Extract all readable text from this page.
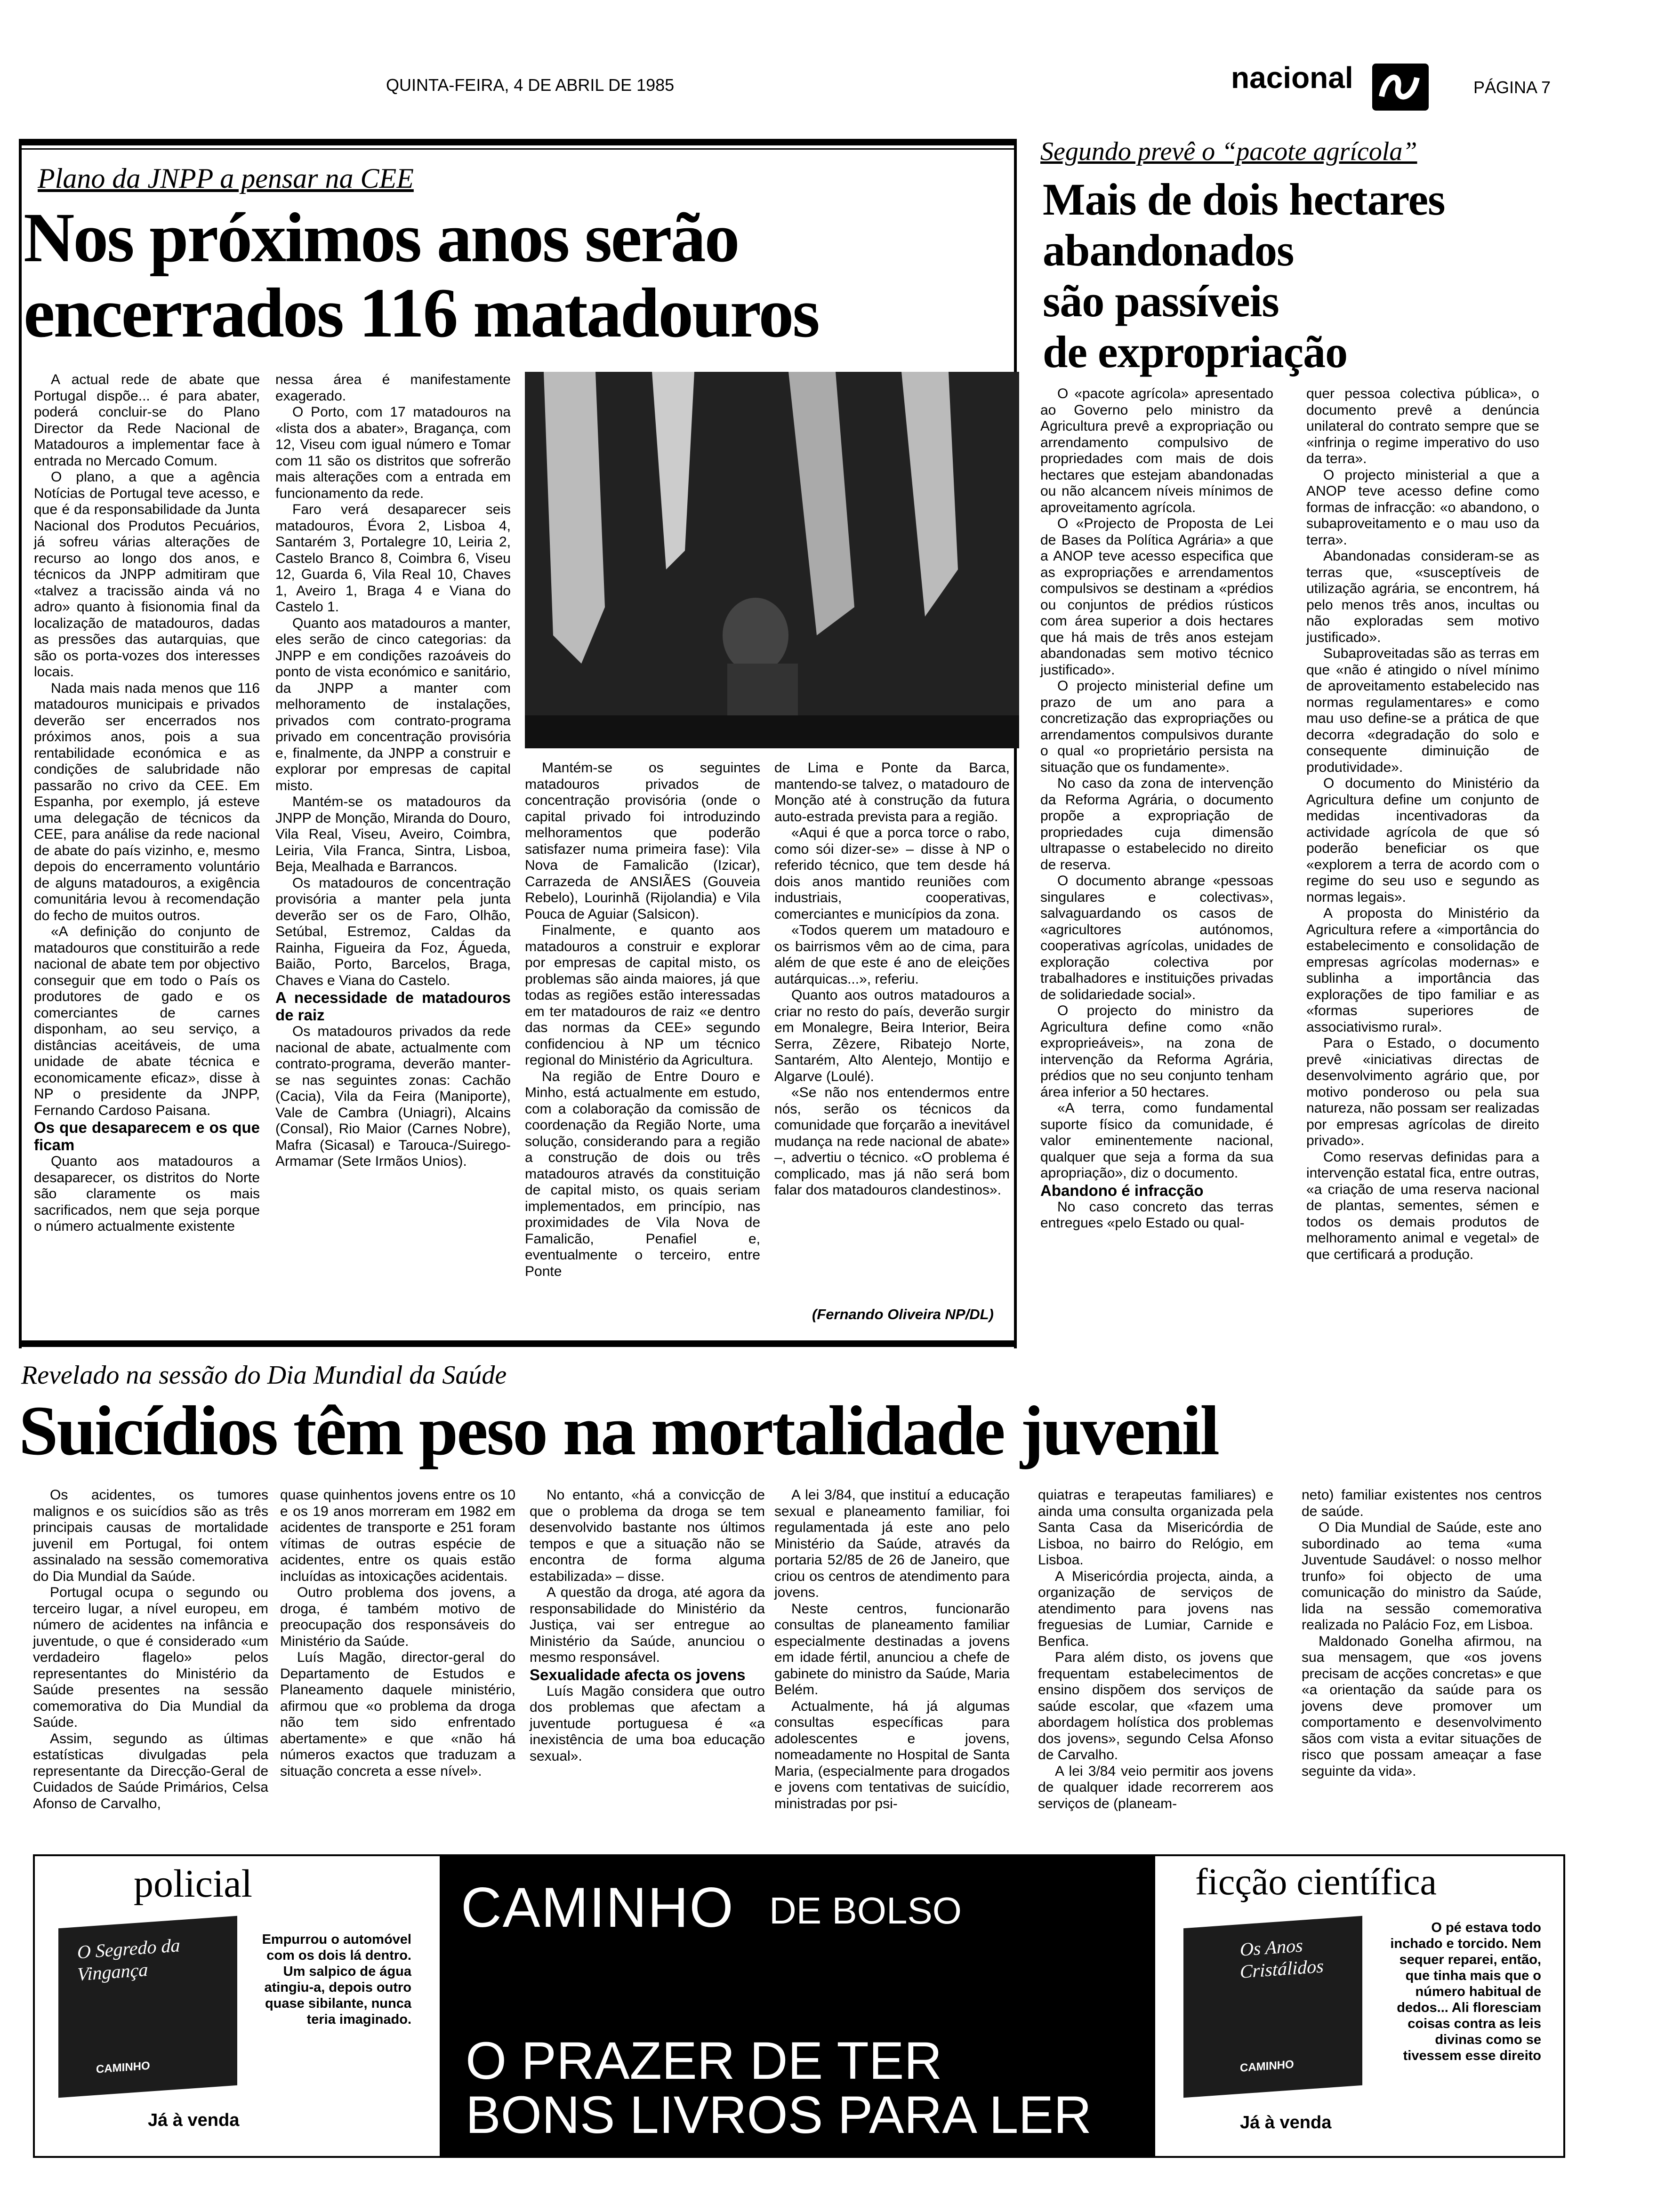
QUINTA-FEIRA, 4 DE ABRIL DE 1985	nacional	PÁGINA 7
Plano da JNPP a pensar na CEE
Nos próximos anos serão
encerrados 116 matadouros

A actual rede de abate que Portugal dispõe... é para abater, poderá concluir-se do Plano Director da Rede Nacional de Matadouros a implementar face à entrada no Mercado Comum.

O plano, a que a agência Notícias de Portugal teve acesso, e que é da responsabilidade da Junta Nacional dos Produtos Pecuários, já sofreu várias alterações de recurso ao longo dos anos, e técnicos da JNPP admitiram que «talvez a tracissão ainda vá no adro» quanto à fisionomia final da localização de matadouros, dadas as pressões das autarquias, que são os porta-vozes dos interesses locais.

Nada mais nada menos que 116 matadouros municipais e privados deverão ser encerrados nos próximos anos, pois a sua rentabilidade económica e as condições de salubridade não passarão no crivo da CEE. Em Espanha, por exemplo, já esteve uma delegação de técnicos da CEE, para análise da rede nacional de abate do país vizinho, e, mesmo depois do encerramento voluntário de alguns matadouros, a exigência comunitária levou à recomendação do fecho de muitos outros.

«A definição do conjunto de matadouros que constituirão a rede nacional de abate tem por objectivo conseguir que em todo o País os produtores de gado e os comerciantes de carnes disponham, ao seu serviço, a distâncias aceitáveis, de uma unidade de abate técnica e economicamente eficaz», disse à NP o presidente da JNPP, Fernando Cardoso Paisana.

Os que desaparecem e os que ficam

Quanto aos matadouros a desaparecer, os distritos do Norte são claramente os mais sacrificados, nem que seja porque o número actualmente existente

nessa área é manifestamente exagerado.

O Porto, com 17 matadouros na «lista dos a abater», Bragança, com 12, Viseu com igual número e Tomar com 11 são os distritos que sofrerão mais alterações com a entrada em funcionamento da rede.

Faro verá desaparecer seis matadouros, Évora 2, Lisboa 4, Santarém 3, Portalegre 10, Leiria 2, Castelo Branco 8, Coimbra 6, Viseu 12, Guarda 6, Vila Real 10, Chaves 1, Aveiro 1, Braga 4 e Viana do Castelo 1.

Quanto aos matadouros a manter, eles serão de cinco categorias: da JNPP e em condições razoáveis do ponto de vista económico e sanitário, da JNPP a manter com melhoramento de instalações, privados com contrato-programa privado em concentração provisória e, finalmente, da JNPP a construir e explorar por empresas de capital misto.

Mantém-se os matadouros da JNPP de Monção, Miranda do Douro, Vila Real, Viseu, Aveiro, Coimbra, Leiria, Vila Franca, Sintra, Lisboa, Beja, Mealhada e Barrancos.

Os matadouros de concentração provisória a manter pela junta deverão ser os de Faro, Olhão, Setúbal, Estremoz, Caldas da Rainha, Figueira da Foz, Águeda, Baião, Porto, Barcelos, Braga, Chaves e Viana do Castelo.

A necessidade de matadouros de raiz

Os matadouros privados da rede nacional de abate, actualmente com contrato-programa, deverão manter-se nas seguintes zonas: Cachão (Cacia), Vila da Feira (Maniporte), Vale de Cambra (Uniagri), Alcains (Consal), Rio Maior (Carnes Nobre), Mafra (Sicasal) e Tarouca-/Suirego-Armamar (Sete Irmãos Unios).

Mantém-se os seguintes matadouros privados de concentração provisória (onde o capital privado foi introduzindo melhoramentos que poderão satisfazer numa primeira fase): Vila Nova de Famalicão (Izicar), Carrazeda de ANSIÃES (Gouveia Rebelo), Lourinhã (Rijolandia) e Vila Pouca de Aguiar (Salsicon).

Finalmente, e quanto aos matadouros a construir e explorar por empresas de capital misto, os problemas são ainda maiores, já que todas as regiões estão interessadas em ter matadouros de raiz «e dentro das normas da CEE» segundo confidenciou à NP um técnico regional do Ministério da Agricultura.

Na região de Entre Douro e Minho, está actualmente em estudo, com a colaboração da comissão de coordenação da Região Norte, uma solução, considerando para a região a construção de dois ou três matadouros através da constituição de capital misto, os quais seriam implementados, em princípio, nas proximidades de Vila Nova de Famalicão, Penafiel e, eventualmente o terceiro, entre Ponte

de Lima e Ponte da Barca, mantendo-se talvez, o matadouro de Monção até à construção da futura auto-estrada prevista para a região.

«Aqui é que a porca torce o rabo, como sói dizer-se» – disse à NP o referido técnico, que tem desde há dois anos mantido reuniões com industriais, cooperativas, comerciantes e municípios da zona.

«Todos querem um matadouro e os bairrismos vêm ao de cima, para além de que este é ano de eleições autárquicas...», referiu.

Quanto aos outros matadouros a criar no resto do país, deverão surgir em Monalegre, Beira Interior, Beira Serra, Zêzere, Ribatejo Norte, Santarém, Alto Alentejo, Montijo e Algarve (Loulé).

«Se não nos entendermos entre nós, serão os técnicos da comunidade que forçarão a inevitável mudança na rede nacional de abate» –, advertiu o técnico. «O problema é complicado, mas já não será bom falar dos matadouros clandestinos».

(Fernando Oliveira NP/DL)
Segundo prevê o “pacote agrícola”
Mais de dois hectares
abandonados
são passíveis
de expropriação

O «pacote agrícola» apresentado ao Governo pelo ministro da Agricultura prevê a expropriação ou arrendamento compulsivo de propriedades com mais de dois hectares que estejam abandonadas ou não alcancem níveis mínimos de aproveitamento agrícola.

O «Projecto de Proposta de Lei de Bases da Política Agrária» a que a ANOP teve acesso especifica que as expropriações e arrendamentos compulsivos se destinam a «prédios ou conjuntos de prédios rústicos com área superior a dois hectares que há mais de três anos estejam abandonadas sem motivo técnico justificado».

O projecto ministerial define um prazo de um ano para a concretização das expropriações ou arrendamentos compulsivos durante o qual «o proprietário persista na situação que os fundamente».

No caso da zona de intervenção da Reforma Agrária, o documento propõe a expropriação de propriedades cuja dimensão ultrapasse o estabelecido no direito de reserva.

O documento abrange «pessoas singulares e colectivas», salvaguardando os casos de «agricultores autónomos, cooperativas agrícolas, unidades de exploração colectiva por trabalhadores e instituições privadas de solidariedade social».

O projecto do ministro da Agricultura define como «não exproprieáveis», na zona de intervenção da Reforma Agrária, prédios que no seu conjunto tenham área inferior a 50 hectares.

«A terra, como fundamental suporte físico da comunidade, é valor eminentemente nacional, qualquer que seja a forma da sua apropriação», diz o documento.

Abandono é infracção

No caso concreto das terras entregues «pelo Estado ou qual-

quer pessoa colectiva pública», o documento prevê a denúncia unilateral do contrato sempre que se «infrinja o regime imperativo do uso da terra».

O projecto ministerial a que a ANOP teve acesso define como formas de infracção: «o abandono, o subaproveitamento e o mau uso da terra».

Abandonadas consideram-se as terras que, «susceptíveis de utilização agrária, se encontrem, há pelo menos três anos, incultas ou não exploradas sem motivo justificado».

Subaproveitadas são as terras em que «não é atingido o nível mínimo de aproveitamento estabelecido nas normas regulamentares» e como mau uso define-se a prática de que decorra «degradação do solo e consequente diminuição de produtividade».

O documento do Ministério da Agricultura define um conjunto de medidas incentivadoras da actividade agrícola de que só poderão beneficiar os que «explorem a terra de acordo com o regime do seu uso e segundo as normas legais».

A proposta do Ministério da Agricultura refere a «importância do estabelecimento e consolidação de empresas agrícolas modernas» e sublinha a importância das explorações de tipo familiar e as «formas superiores de associativismo rural».

Para o Estado, o documento prevê «iniciativas directas de desenvolvimento agrário que, por motivo ponderoso ou pela sua natureza, não possam ser realizadas por empresas agrícolas de direito privado».

Como reservas definidas para a intervenção estatal fica, entre outras, «a criação de uma reserva nacional de plantas, sementes, sémen e todos os demais produtos de melhoramento animal e vegetal» de que certificará a produção.

Revelado na sessão do Dia Mundial da Saúde
Suicídios têm peso na mortalidade juvenil

Os acidentes, os tumores malignos e os suicídios são as três principais causas de mortalidade juvenil em Portugal, foi ontem assinalado na sessão comemorativa do Dia Mundial da Saúde.

Portugal ocupa o segundo ou terceiro lugar, a nível europeu, em número de acidentes na infância e juventude, o que é considerado «um verdadeiro flagelo» pelos representantes do Ministério da Saúde presentes na sessão comemorativa do Dia Mundial da Saúde.

Assim, segundo as últimas estatísticas divulgadas pela representante da Direcção-Geral de Cuidados de Saúde Primários, Celsa Afonso de Carvalho,

quase quinhentos jovens entre os 10 e os 19 anos morreram em 1982 em acidentes de transporte e 251 foram vítimas de outras espécie de acidentes, entre os quais estão incluídas as intoxicações acidentais.

Outro problema dos jovens, a droga, é também motivo de preocupação dos responsáveis do Ministério da Saúde.

Luís Magão, director-geral do Departamento de Estudos e Planeamento daquele ministério, afirmou que «o problema da droga não tem sido enfrentado abertamente» e que «não há números exactos que traduzam a situação concreta a esse nível».

No entanto, «há a convicção de que o problema da droga se tem desenvolvido bastante nos últimos tempos e que a situação não se encontra de forma alguma estabilizada» – disse.

A questão da droga, até agora da responsabilidade do Ministério da Justiça, vai ser entregue ao Ministério da Saúde, anunciou o mesmo responsável.

Sexualidade afecta os jovens

Luís Magão considera que outro dos problemas que afectam a juventude portuguesa é «a inexistência de uma boa educação sexual».

A lei 3/84, que instituí a educação sexual e planeamento familiar, foi regulamentada já este ano pelo Ministério da Saúde, através da portaria 52/85 de 26 de Janeiro, que criou os centros de atendimento para jovens.

Neste centros, funcionarão consultas de planeamento familiar especialmente destinadas a jovens em idade fértil, anunciou a chefe de gabinete do ministro da Saúde, Maria Belém.

Actualmente, há já algumas consultas específicas para adolescentes e jovens, nomeadamente no Hospital de Santa Maria, (especialmente para drogados e jovens com tentativas de suicídio, ministradas por psi-

quiatras e terapeutas familiares) e ainda uma consulta organizada pela Santa Casa da Misericórdia de Lisboa, no bairro do Relógio, em Lisboa.

A Misericórdia projecta, ainda, a organização de serviços de atendimento para jovens nas freguesias de Lumiar, Carnide e Benfica.

Para além disto, os jovens que frequentam estabelecimentos de ensino dispõem dos serviços de saúde escolar, que «fazem uma abordagem holística dos problemas dos jovens», segundo Celsa Afonso de Carvalho.

A lei 3/84 veio permitir aos jovens de qualquer idade recorrerem aos serviços de (planeam-

neto) familiar existentes nos centros de saúde.

O Dia Mundial de Saúde, este ano subordinado ao tema «uma Juventude Saudável: o nosso melhor trunfo» foi objecto de uma comunicação do ministro da Saúde, lida na sessão comemorativa realizada no Palácio Foz, em Lisboa.

Maldonado Gonelha afirmou, na sua mensagem, que «os jovens precisam de acções concretas» e que «a orientação da saúde para os jovens deve promover um comportamento e desenvolvimento sãos com vista a evitar situações de risco que possam ameaçar a fase seguinte da vida».

policial
O Segredo da Vingança
CAMINHO
Empurrou o automóvel com os dois lá dentro. Um salpico de água atingiu-a, depois outro quase sibilante, nunca teria imaginado.
Já à venda
CAMINHO DE BOLSO
O PRAZER DE TER
BONS LIVROS PARA LER
ficção científica
Os Anos Cristálidos
CAMINHO
O pé estava todo inchado e torcido. Nem sequer reparei, então, que tinha mais que o número habitual de dedos... Ali floresciam coisas contra as leis divinas como se tivessem esse direito
Já à venda
